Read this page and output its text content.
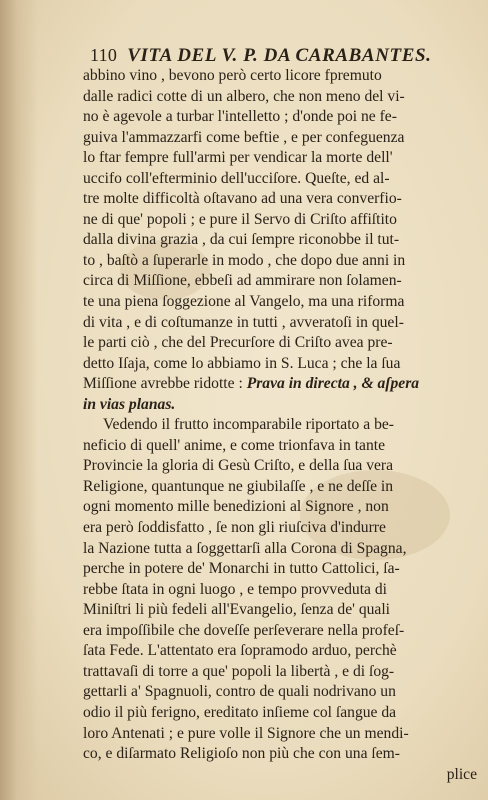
110 VITA DEL V. P. DA CARABANTES.
abbino vino , bevono però certo licore fpremuto
dalle radici cotte di un albero, che non meno del vi-
no è agevole a turbar l'intelletto ; d'onde poi ne fe-
guiva l'ammazzarfi come beftie , e per confeguenza
lo ftar fempre full'armi per vendicar la morte dell'
uccifo coll'efterminio dell'ucciſore. Queſte, ed al-
tre molte difficoltà oſtavano ad una vera converfio-
ne di que' popoli ; e pure il Servo di Criſto affiſtito
dalla divina grazia , da cui ſempre riconobbe il tut-
to , baſtò a ſuperarle in modo , che dopo due anni in
circa di Miſſione, ebbeſi ad ammirare non ſolamen-
te una piena ſoggezione al Vangelo, ma una riforma
di vita , e di coſtumanze in tutti , avveratoſi in quel-
le parti ciò , che del Precurſore di Criſto avea pre-
detto Iſaja, come lo abbiamo in S. Luca ; che la ſua
Miſſione avrebbe ridotte : Prava in directa , & aſpera
in vias planas.
Vedendo il frutto incomparabile riportato a be-
neficio di quell' anime, e come trionfava in tante
Provincie la gloria di Gesù Criſto, e della ſua vera
Religione, quantunque ne giubilaſſe , e ne deſſe in
ogni momento mille benedizioni al Signore , non
era però ſoddisfatto , ſe non gli riuſciva d'indurre
la Nazione tutta a ſoggettarſi alla Corona di Spagna,
perche in potere de' Monarchi in tutto Cattolici, ſa-
rebbe ſtata in ogni luogo , e tempo provveduta di
Miniſtri li più fedeli all'Evangelio, ſenza de' quali
era impoſſibile che doveſſe perſeverare nella profeſ-
ſata Fede. L'attentato era ſopramodo arduo, perchè
trattavaſi di torre a que' popoli la libertà , e di ſog-
gettarli a' Spagnuoli, contro de quali nodrivano un
odio il più ferigno, ereditato inſieme col ſangue da
loro Antenati ; e pure volle il Signore che un mendi-
co, e diſarmato Religioſo non più che con una ſem-
plice
